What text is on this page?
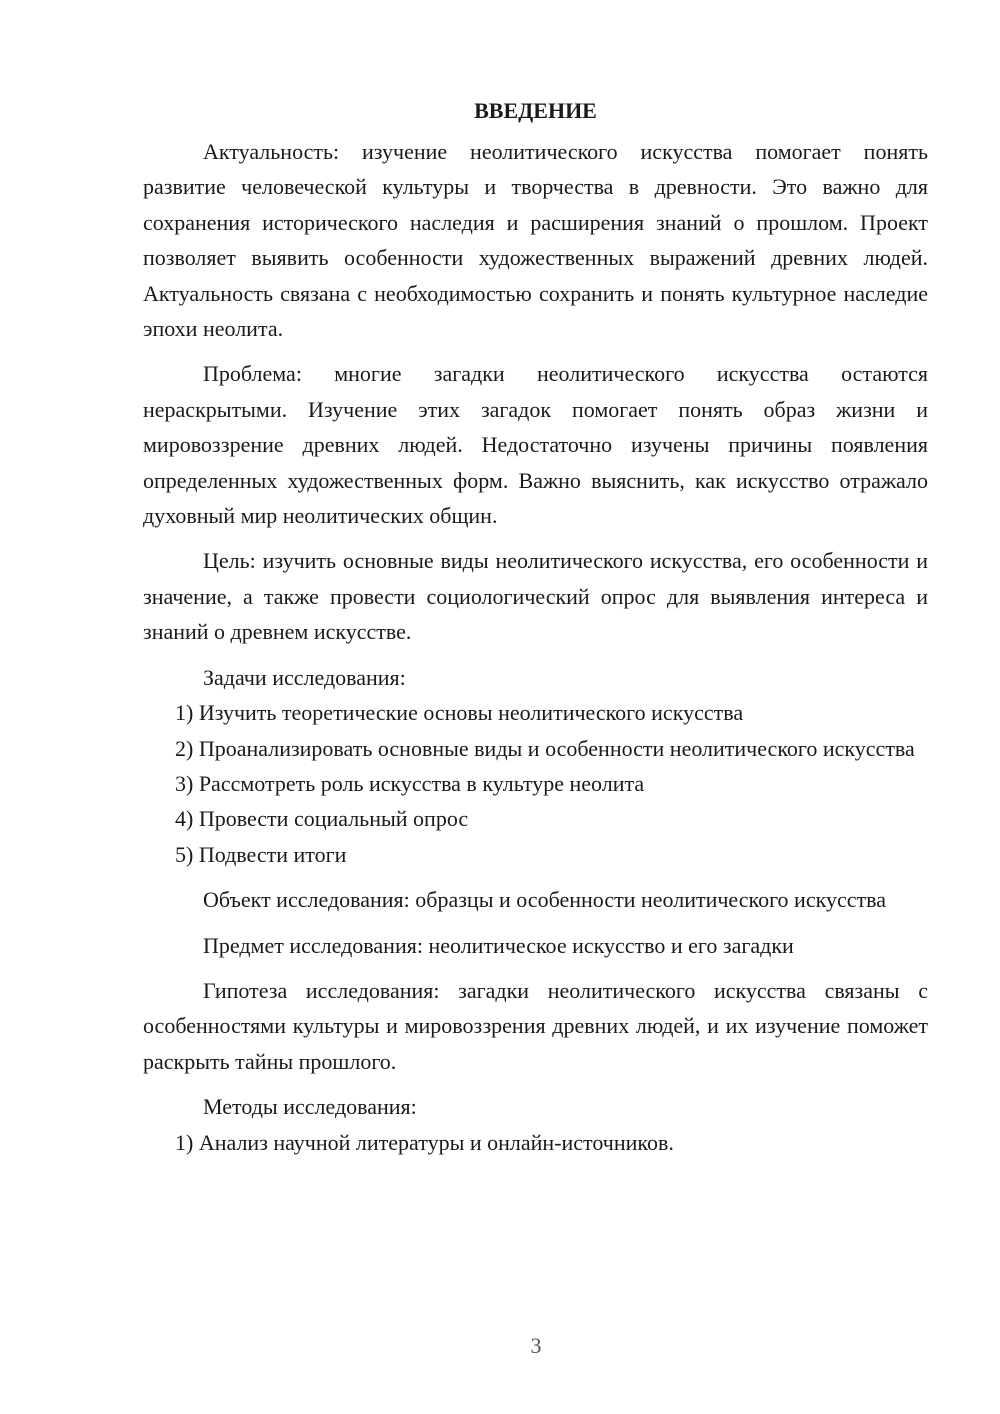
ВВЕДЕНИЕ

Актуальность: изучение неолитического искусства помогает понять развитие человеческой культуры и творчества в древности. Это важно для сохранения исторического наследия и расширения знаний о прошлом. Проект позволяет выявить особенности художественных выражений древних людей. Актуальность связана с необходимостью сохранить и понять культурное наследие эпохи неолита.

Проблема: многие загадки неолитического искусства остаются нераскрытыми. Изучение этих загадок помогает понять образ жизни и мировоззрение древних людей. Недостаточно изучены причины появления определенных художественных форм. Важно выяснить, как искусство отражало духовный мир неолитических общин.

Цель: изучить основные виды неолитического искусства, его особенности и значение, а также провести социологический опрос для выявления интереса и знаний о древнем искусстве.

Задачи исследования:

1) Изучить теоретические основы неолитического искусства

2) Проанализировать основные виды и особенности неолитического искусства

3) Рассмотреть роль искусства в культуре неолита

4) Провести социальный опрос

5) Подвести итоги

Объект исследования: образцы и особенности неолитического искусства

Предмет исследования: неолитическое искусство и его загадки

Гипотеза исследования: загадки неолитического искусства связаны с особенностями культуры и мировоззрения древних людей, и их изучение поможет раскрыть тайны прошлого.

Методы исследования:

1) Анализ научной литературы и онлайн-источников.

3
